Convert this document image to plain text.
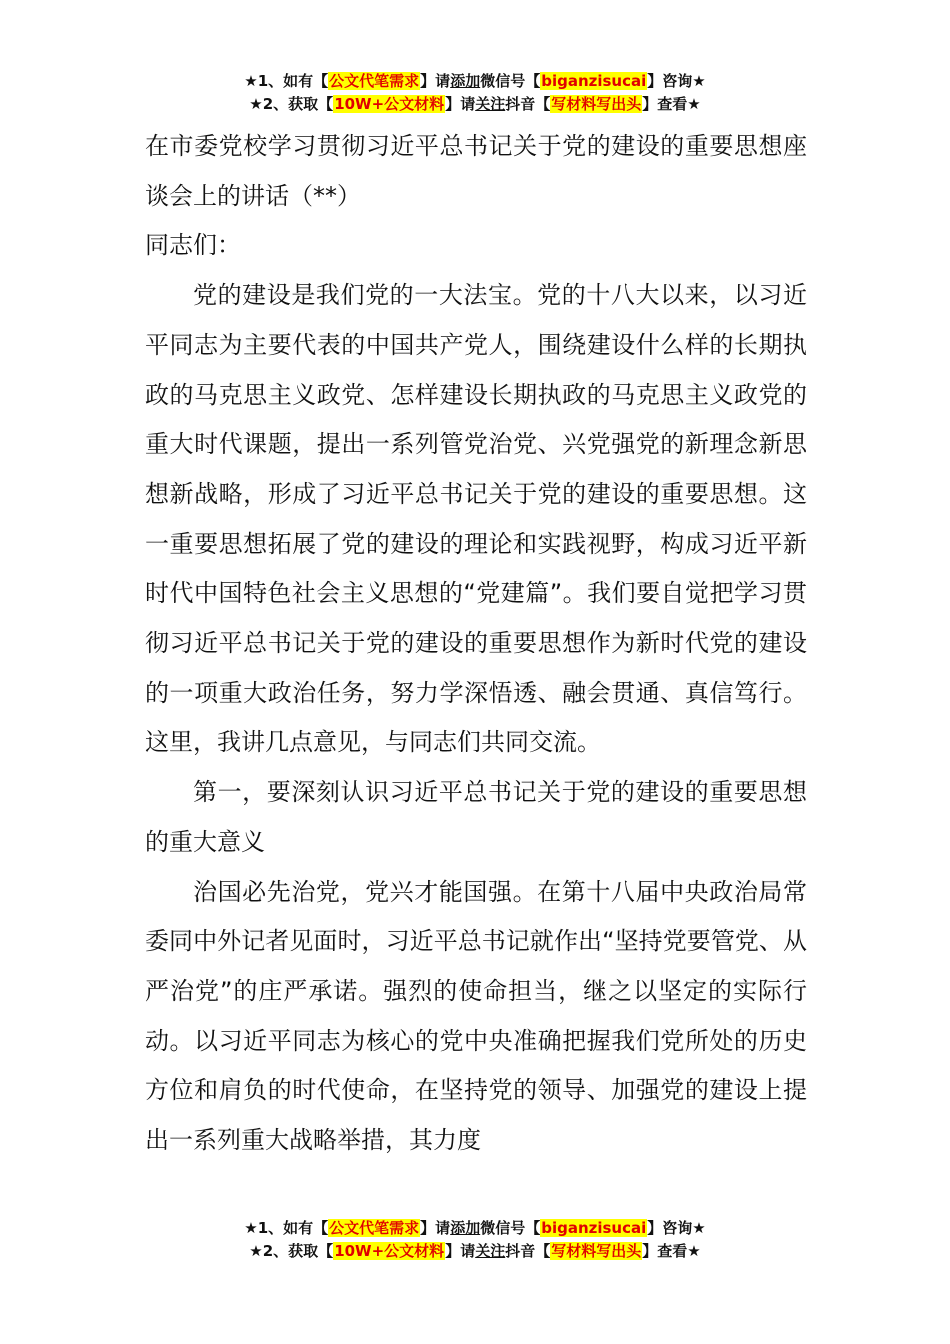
★1、如有【公文代笔需求】请添加微信号【biganzisucai】咨询★
★2、获取【10W+公文材料】请关注抖音【写材料写出头】查看★

在市委党校学习贯彻习近平总书记关于党的建设的重要思想座谈会上的讲话（**）

同志们：

党的建设是我们党的一大法宝。党的十八大以来，以习近平同志为主要代表的中国共产党人，围绕建设什么样的长期执政的马克思主义政党、怎样建设长期执政的马克思主义政党的重大时代课题，提出一系列管党治党、兴党强党的新理念新思想新战略，形成了习近平总书记关于党的建设的重要思想。这一重要思想拓展了党的建设的理论和实践视野，构成习近平新时代中国特色社会主义思想的“党建篇”。我们要自觉把学习贯彻习近平总书记关于党的建设的重要思想作为新时代党的建设的一项重大政治任务，努力学深悟透、融会贯通、真信笃行。这里，我讲几点意见，与同志们共同交流。

第一，要深刻认识习近平总书记关于党的建设的重要思想的重大意义

治国必先治党，党兴才能国强。在第十八届中央政治局常委同中外记者见面时，习近平总书记就作出“坚持党要管党、从严治党”的庄严承诺。强烈的使命担当，继之以坚定的实际行动。以习近平同志为核心的党中央准确把握我们党所处的历史方位和肩负的时代使命，在坚持党的领导、加强党的建设上提出一系列重大战略举措，其力度

★1、如有【公文代笔需求】请添加微信号【biganzisucai】咨询★
★2、获取【10W+公文材料】请关注抖音【写材料写出头】查看★
